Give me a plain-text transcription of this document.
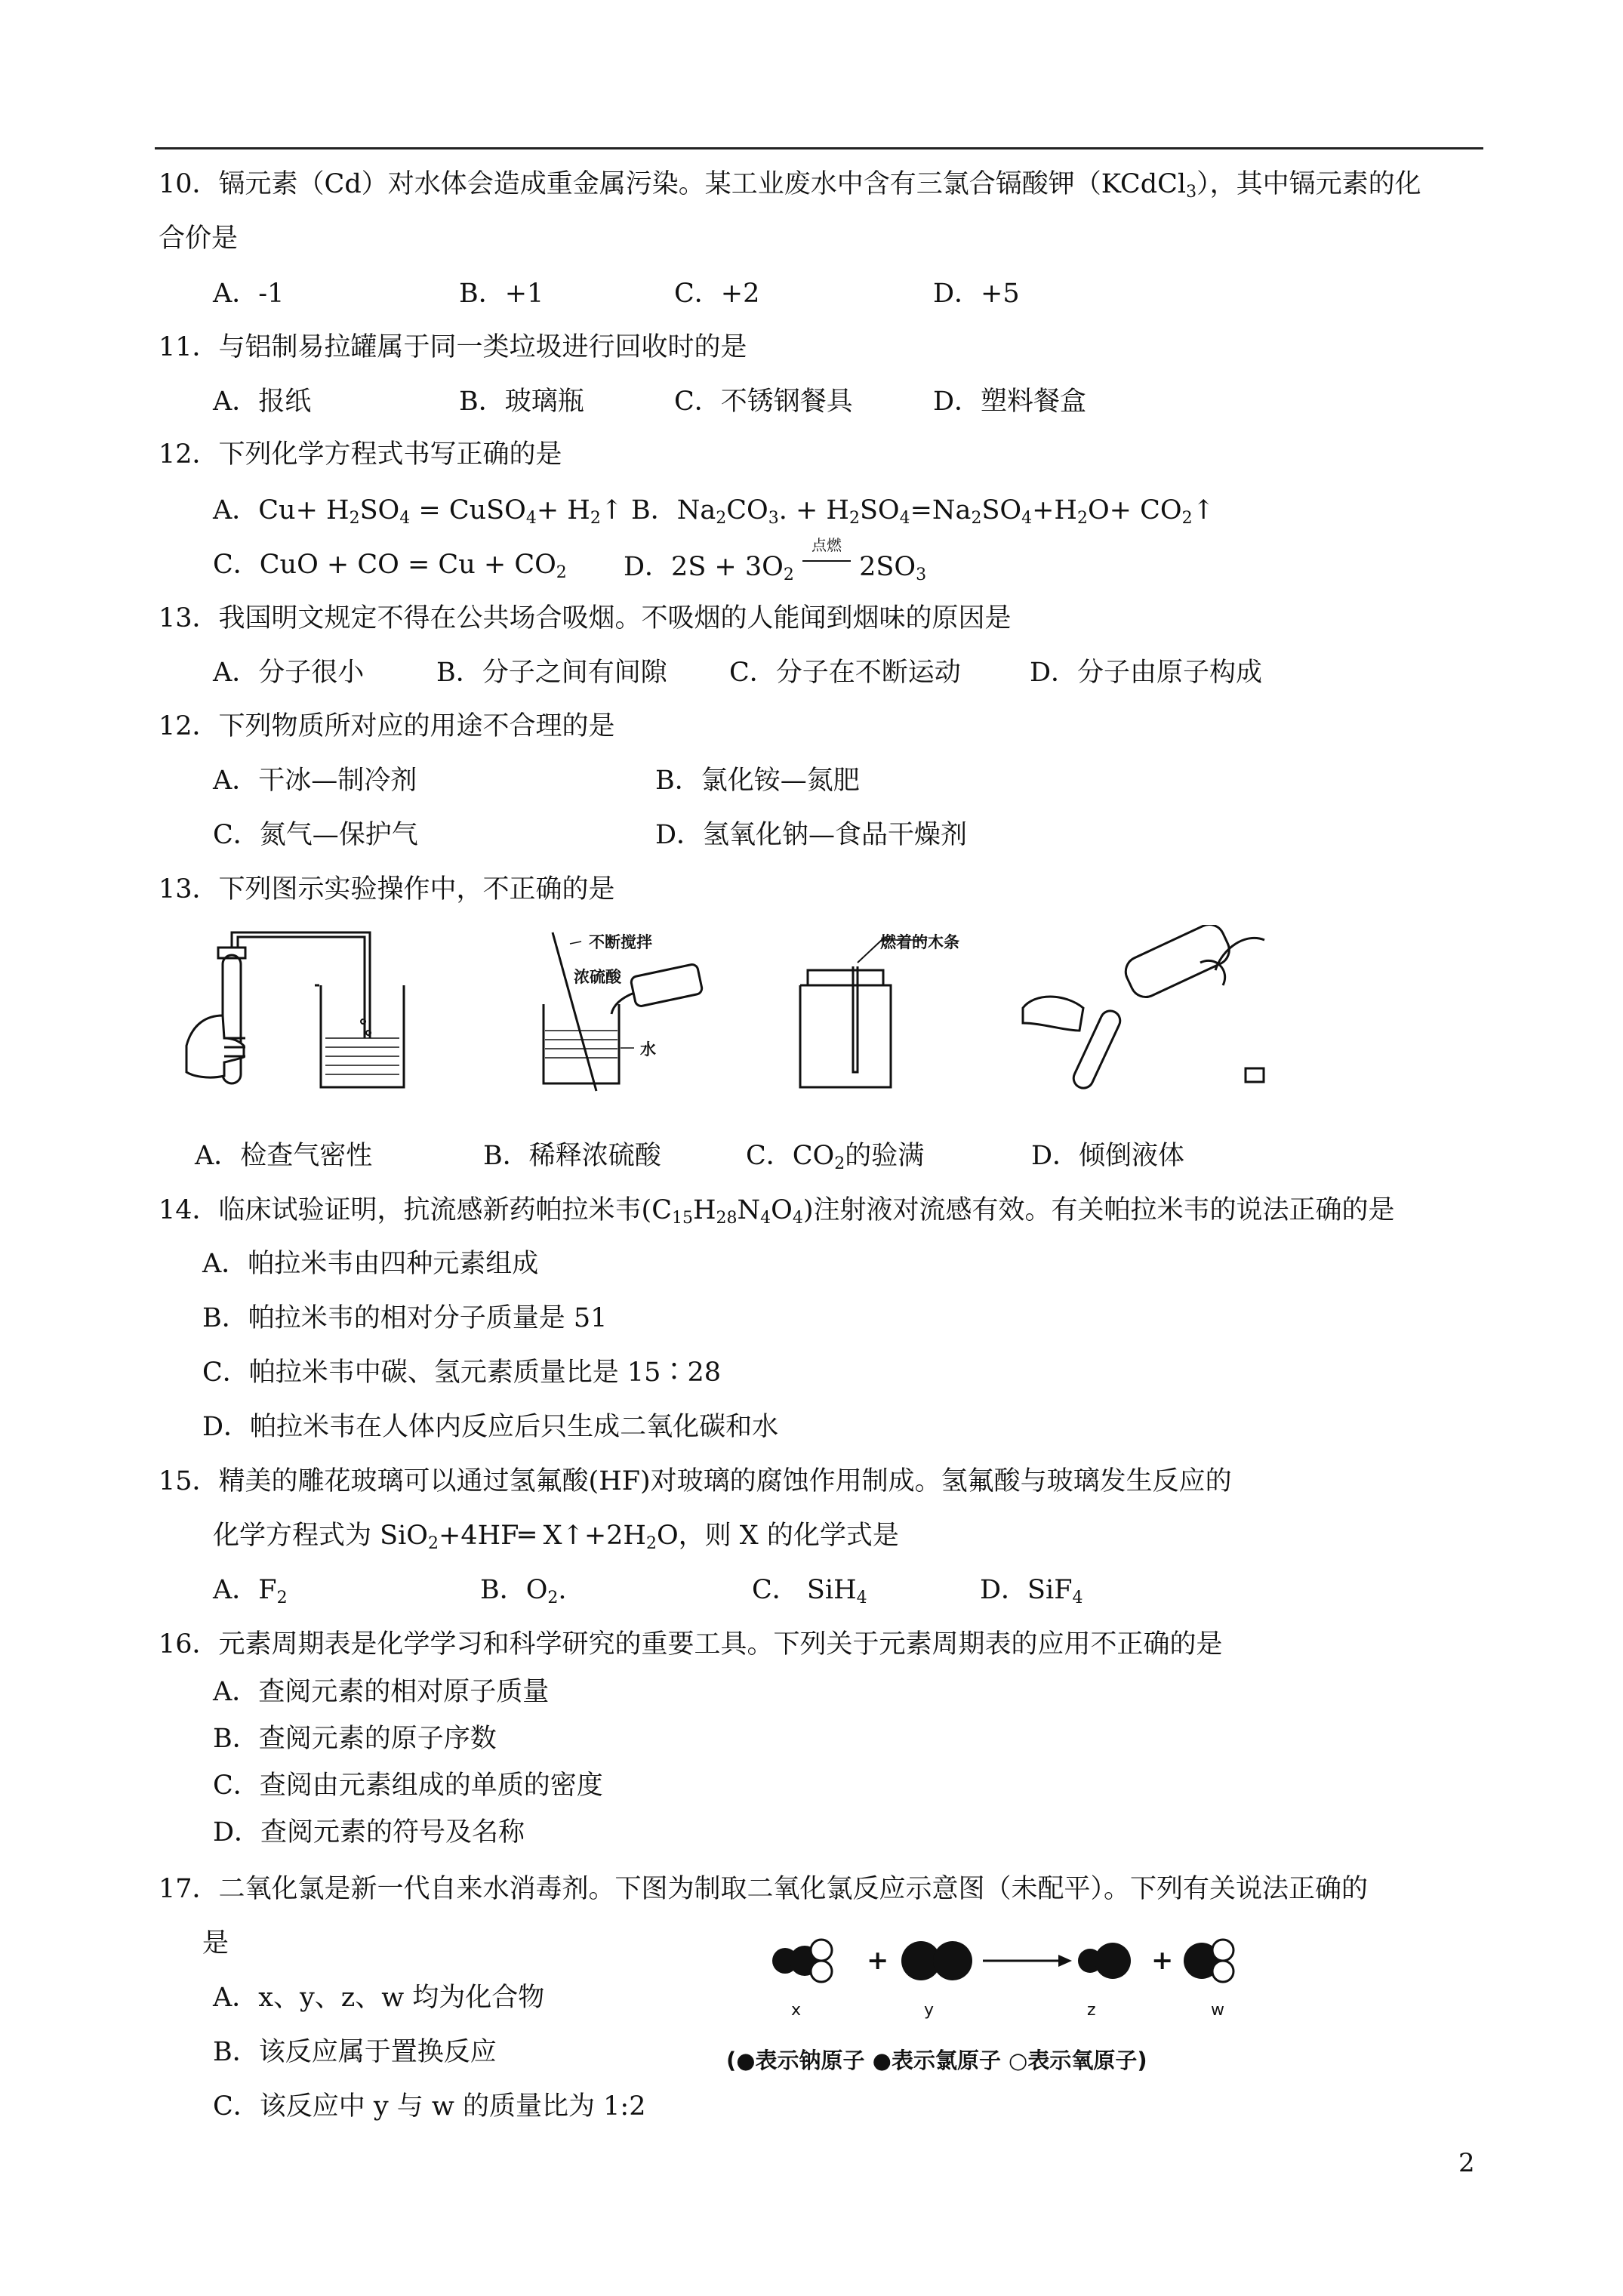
10．镉元素（Cd）对水体会造成重金属污染。某工业废水中含有三氯合镉酸钾（KCdCl$_3$），其中镉元素的化
合价是
A．-1	B．+1	C．+2	D．+5
11．与铝制易拉罐属于同一类垃圾进行回收时的是
A．报纸	B．玻璃瓶	C．不锈钢餐具	D．塑料餐盒
12．下列化学方程式书写正确的是
A．$Cu+ H_2SO_4$ = CuSO$_4$+ $H_2↑$ B．$Na_2CO_3$. + $H_2SO_4=Na_2SO_4+H_2O+$ $CO_2↑$
C．CuO + CO = $Cu + CO_2$ D．$2S + 3O_2$
点燃
$2SO_3$
13．我国明文规定不得在公共场合吸烟。不吸烟的人能闻到烟味的原因是
A．分子很小	B．分子之间有间隙 C．分子在不断运动	D．分子由原子构成
12．下列物质所对应的用途不合理的是
A．干冰—制冷剂	B．氯化铵—氮肥
C．氮气—保护气	D．氢氧化钠—食品干燥剂
13．下列图示实验操作中，不正确的是
不断搅拌
浓硫酸
水
燃着的木条
A．检查气密性	B．稀释浓硫酸	C．$CO_2$的验满	D．倾倒液体
14．临床试验证明，抗流感新药帕拉米韦$(C_{15}H_{28}N_4O_4)$注射液对流感有效。有关帕拉米韦的说法正确的是
A．帕拉米韦由四种元素组成
B．帕拉米韦的相对分子质量是 51
C．帕拉米韦中碳、氢元素质量比是 15∶28
D．帕拉米韦在人体内反应后只生成二氧化碳和水
15．精美的雕花玻璃可以通过氢氟酸(HF)对玻璃的腐蚀作用制成。氢氟酸与玻璃发生反应的
化学方程式为 SiO$_2$+4HF═ $X↑+2H_2O$，则 X 的化学式是
A．$F_2$	B．$O_2$.	C． SiH$_4$	D．SiF$_4$
16．元素周期表是化学学习和科学研究的重要工具。下列关于元素周期表的应用不正确的是
A．查阅元素的相对原子质量
B．查阅元素的原子序数
C．查阅由元素组成的单质的密度
D．查阅元素的符号及名称
17．二氧化氯是新一代自来水消毒剂。下图为制取二氧化氯反应示意图（未配平）。下列有关说法正确的
是
A．x、y、z、w 均为化合物
B．该反应属于置换反应
C．该反应中 y 与 w 的质量比为 1:2
+	+
x	y	z	w
(●表示钠原子 ●表示氯原子 ○表示氧原子)
2
